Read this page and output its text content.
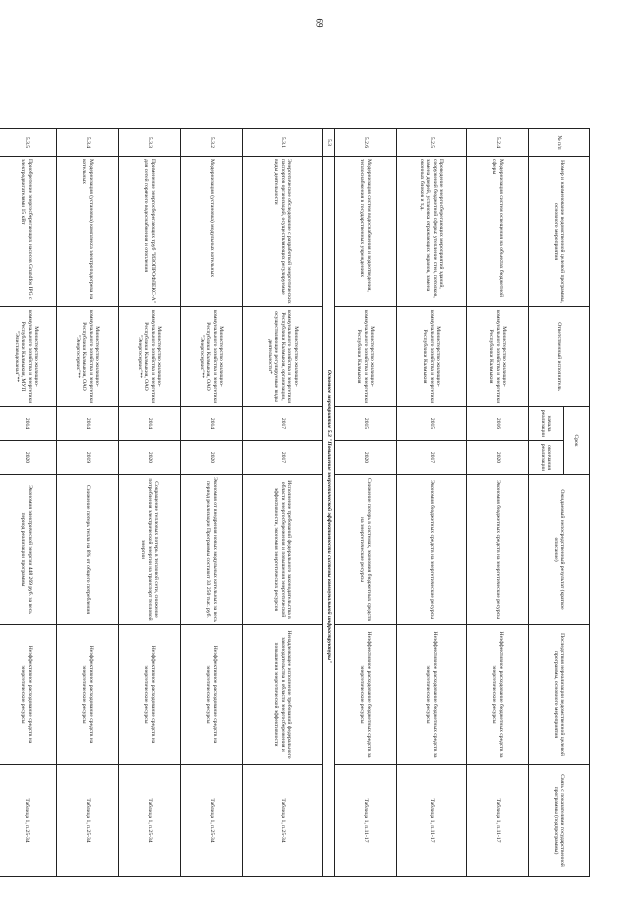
69
№ п/п	Номер и наименование ведомственной целевой программы, основного мероприятия	Ответственный исполнитель	Срок		Ожидаемый непосредственный результат (краткое описание)	Последствия нереализации ведомственной целевой программы, основного мероприятия	Связь с показателями государственной программы (подпрограммы)
			начала реализации	окончания реализации			
5.2.4	Модернизация систем освещения на объектах бюджетной сферы	Министерство жилищно-коммунального хозяйства и энергетики Республики Калмыкия	2016	2020	Экономия бюджетных средств на энергетические ресурсы	Неэффективное расходование бюджетных средств за энергетические ресурсы	Таблица 1, п.11-17
5.2.5	Проведение энергосберегающих мероприятий зданий, сооружений бюджетной сферы: утепление стен, потолков, замена дверей, установка отражающих экранов, замена оконных блоков и т.д.	Министерство жилищно-коммунального хозяйства и энергетики Республики Калмыкия	2015	2017	Экономия бюджетных средств на энергетические ресурсы	Неэффективное расходование бюджетных средств за энергетические ресурсы	Таблица 1, п.11-17
5.2.6	Модернизация систем водоснабжения и водоотведения, теплоснабжения в государственных учреждениях	Министерство жилищно-коммунального хозяйства и энергетики Республики Калмыкия	2015	2020	Снижение потерь в системах, экономия бюджетных средств на энергетические ресурсы	Неэффективное расходование бюджетных средств за энергетические ресурсы	Таблица 1, п.11-17
5.3	Основное мероприятие 5.3 "Повышение энергетической эффективности системы коммунальной инфраструктуры"						
5.3.1	Энергетическое обследование с разработкой энергетических паспортов организаций, осуществляющих регулируемые виды деятельности	Министерство жилищно-коммунального хозяйства и энергетики Республики Калмыкия, организации, осуществляющие регулируемые виды деятельности*	2017	2017	Исполнение требований федерального законодательства в области энергосбережения и повышения энергетической эффективности, экономия энергетических ресурсов	Ненадлежащее исполнение требований федерального законодательства в области энергосбережения и повышения энергетической эффективности	Таблица 1, п.25-34
5.3.2	Модернизация (установка) модульных котельных	Министерство жилищно-коммунального хозяйства и энергетики Республики Калмыкия, ОАО "Энергосервис"**	2014	2020	Экономия от внедрения новых модульных котельных за весь период реализации Программы составит 33 250 тыс. руб.	Неэффективное расходование средств на энергетические ресурсы	Таблица 1, п.25-34
5.3.3	Применение энергосберегающих труб "ИЗОПРОФЛЕКС-А" для сетей горячего водоснабжения и отопления	Министерство жилищно-коммунального хозяйства и энергетики Республики Калмыкия, ОАО "Энергосервис"**	2014	2020	Сокращение тепловых потерь в тепловой сети, снижение потребления электрической энергии на транспорт тепловой энергии	Неэффективное расходование средств на энергетические ресурсы	Таблица 1, п.25-34
5.3.4	Модернизация (установка) комплекса электроподогрева на котельных	Министерство жилищно-коммунального хозяйства и энергетики Республики Калмыкия, ОАО "Энергосервис"**	2014	2019	Снижение потерь тепла на 8% от общего потребления	Неэффективное расходование средств на энергетические ресурсы	Таблица 1, п.25-34
5.3.5	Приобретение энергосберегающих насосов Grundfos IPG с электродвигателями 15 кВт	Министерство жилищно-коммунального хозяйства и энергетики Республики Калмыкия, МУП "Элиставодоканал"**	2014	2020	Экономия электрической энергии 448 269 руб. за весь период реализации программы	Неэффективное расходование средств на энергетические ресурсы	Таблица 1, п.25-34
